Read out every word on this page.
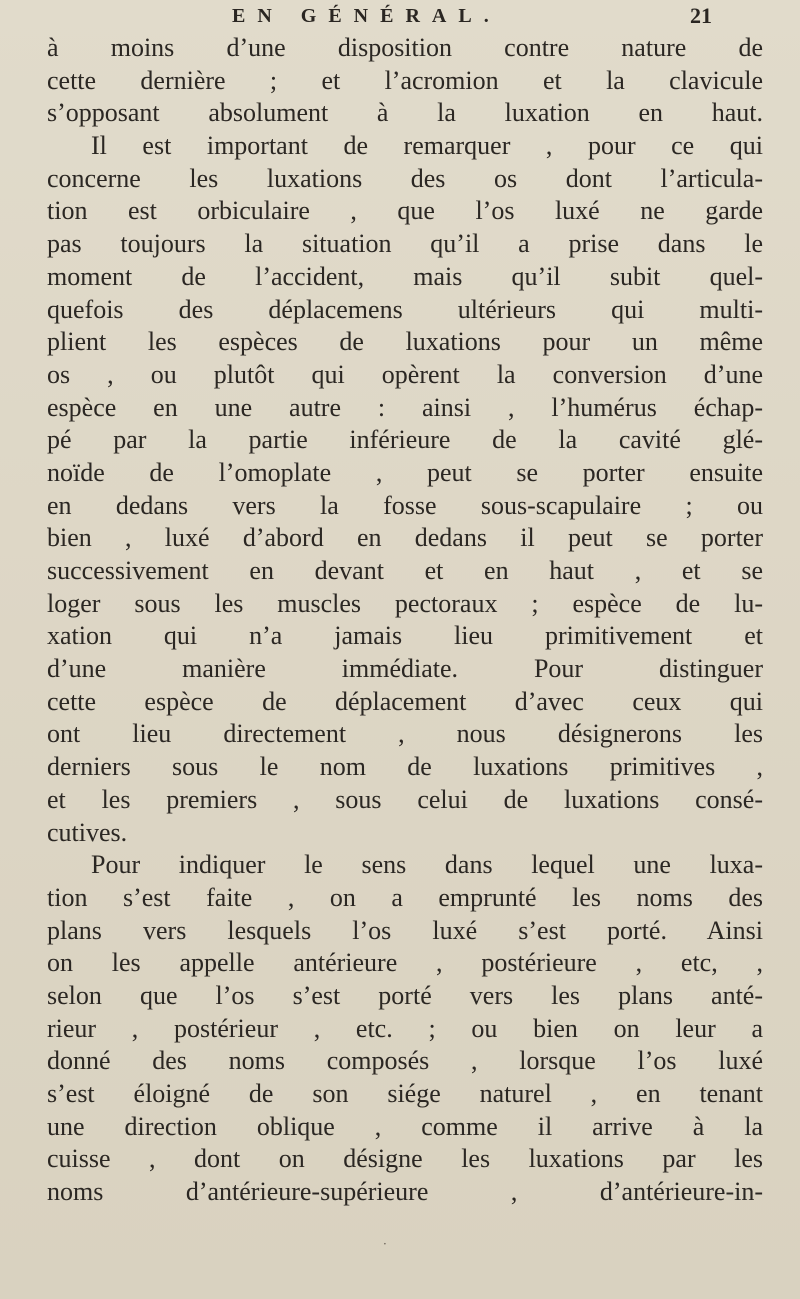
EN GÉNÉRAL.	21
à moins d’une disposition contre nature de
cette dernière ; et l’acromion et la clavicule
s’opposant absolument à la luxation en haut.
Il est important de remarquer , pour ce qui
concerne les luxations des os dont l’articula-
tion est orbiculaire , que l’os luxé ne garde
pas toujours la situation qu’il a prise dans le
moment de l’accident, mais qu’il subit quel-
quefois des déplacemens ultérieurs qui multi-
plient les espèces de luxations pour un même
os , ou plutôt qui opèrent la conversion d’une
espèce en une autre : ainsi , l’humérus échap-
pé par la partie inférieure de la cavité glé-
noïde de l’omoplate , peut se porter ensuite
en dedans vers la fosse sous-scapulaire ; ou
bien , luxé d’abord en dedans il peut se porter
successivement en devant et en haut , et se
loger sous les muscles pectoraux ; espèce de lu-
xation qui n’a jamais lieu primitivement et
d’une manière immédiate. Pour distinguer
cette espèce de déplacement d’avec ceux qui
ont lieu directement , nous désignerons les
derniers sous le nom de luxations primitives ,
et les premiers , sous celui de luxations consé-
cutives.
Pour indiquer le sens dans lequel une luxa-
tion s’est faite , on a emprunté les noms des
plans vers lesquels l’os luxé s’est porté. Ainsi
on les appelle antérieure , postérieure , etc, ,
selon que l’os s’est porté vers les plans anté-
rieur , postérieur , etc. ; ou bien on leur a
donné des noms composés , lorsque l’os luxé
s’est éloigné de son siége naturel , en tenant
une direction oblique , comme il arrive à la
cuisse , dont on désigne les luxations par les
noms d’antérieure-supérieure , d’antérieure-in-
·
